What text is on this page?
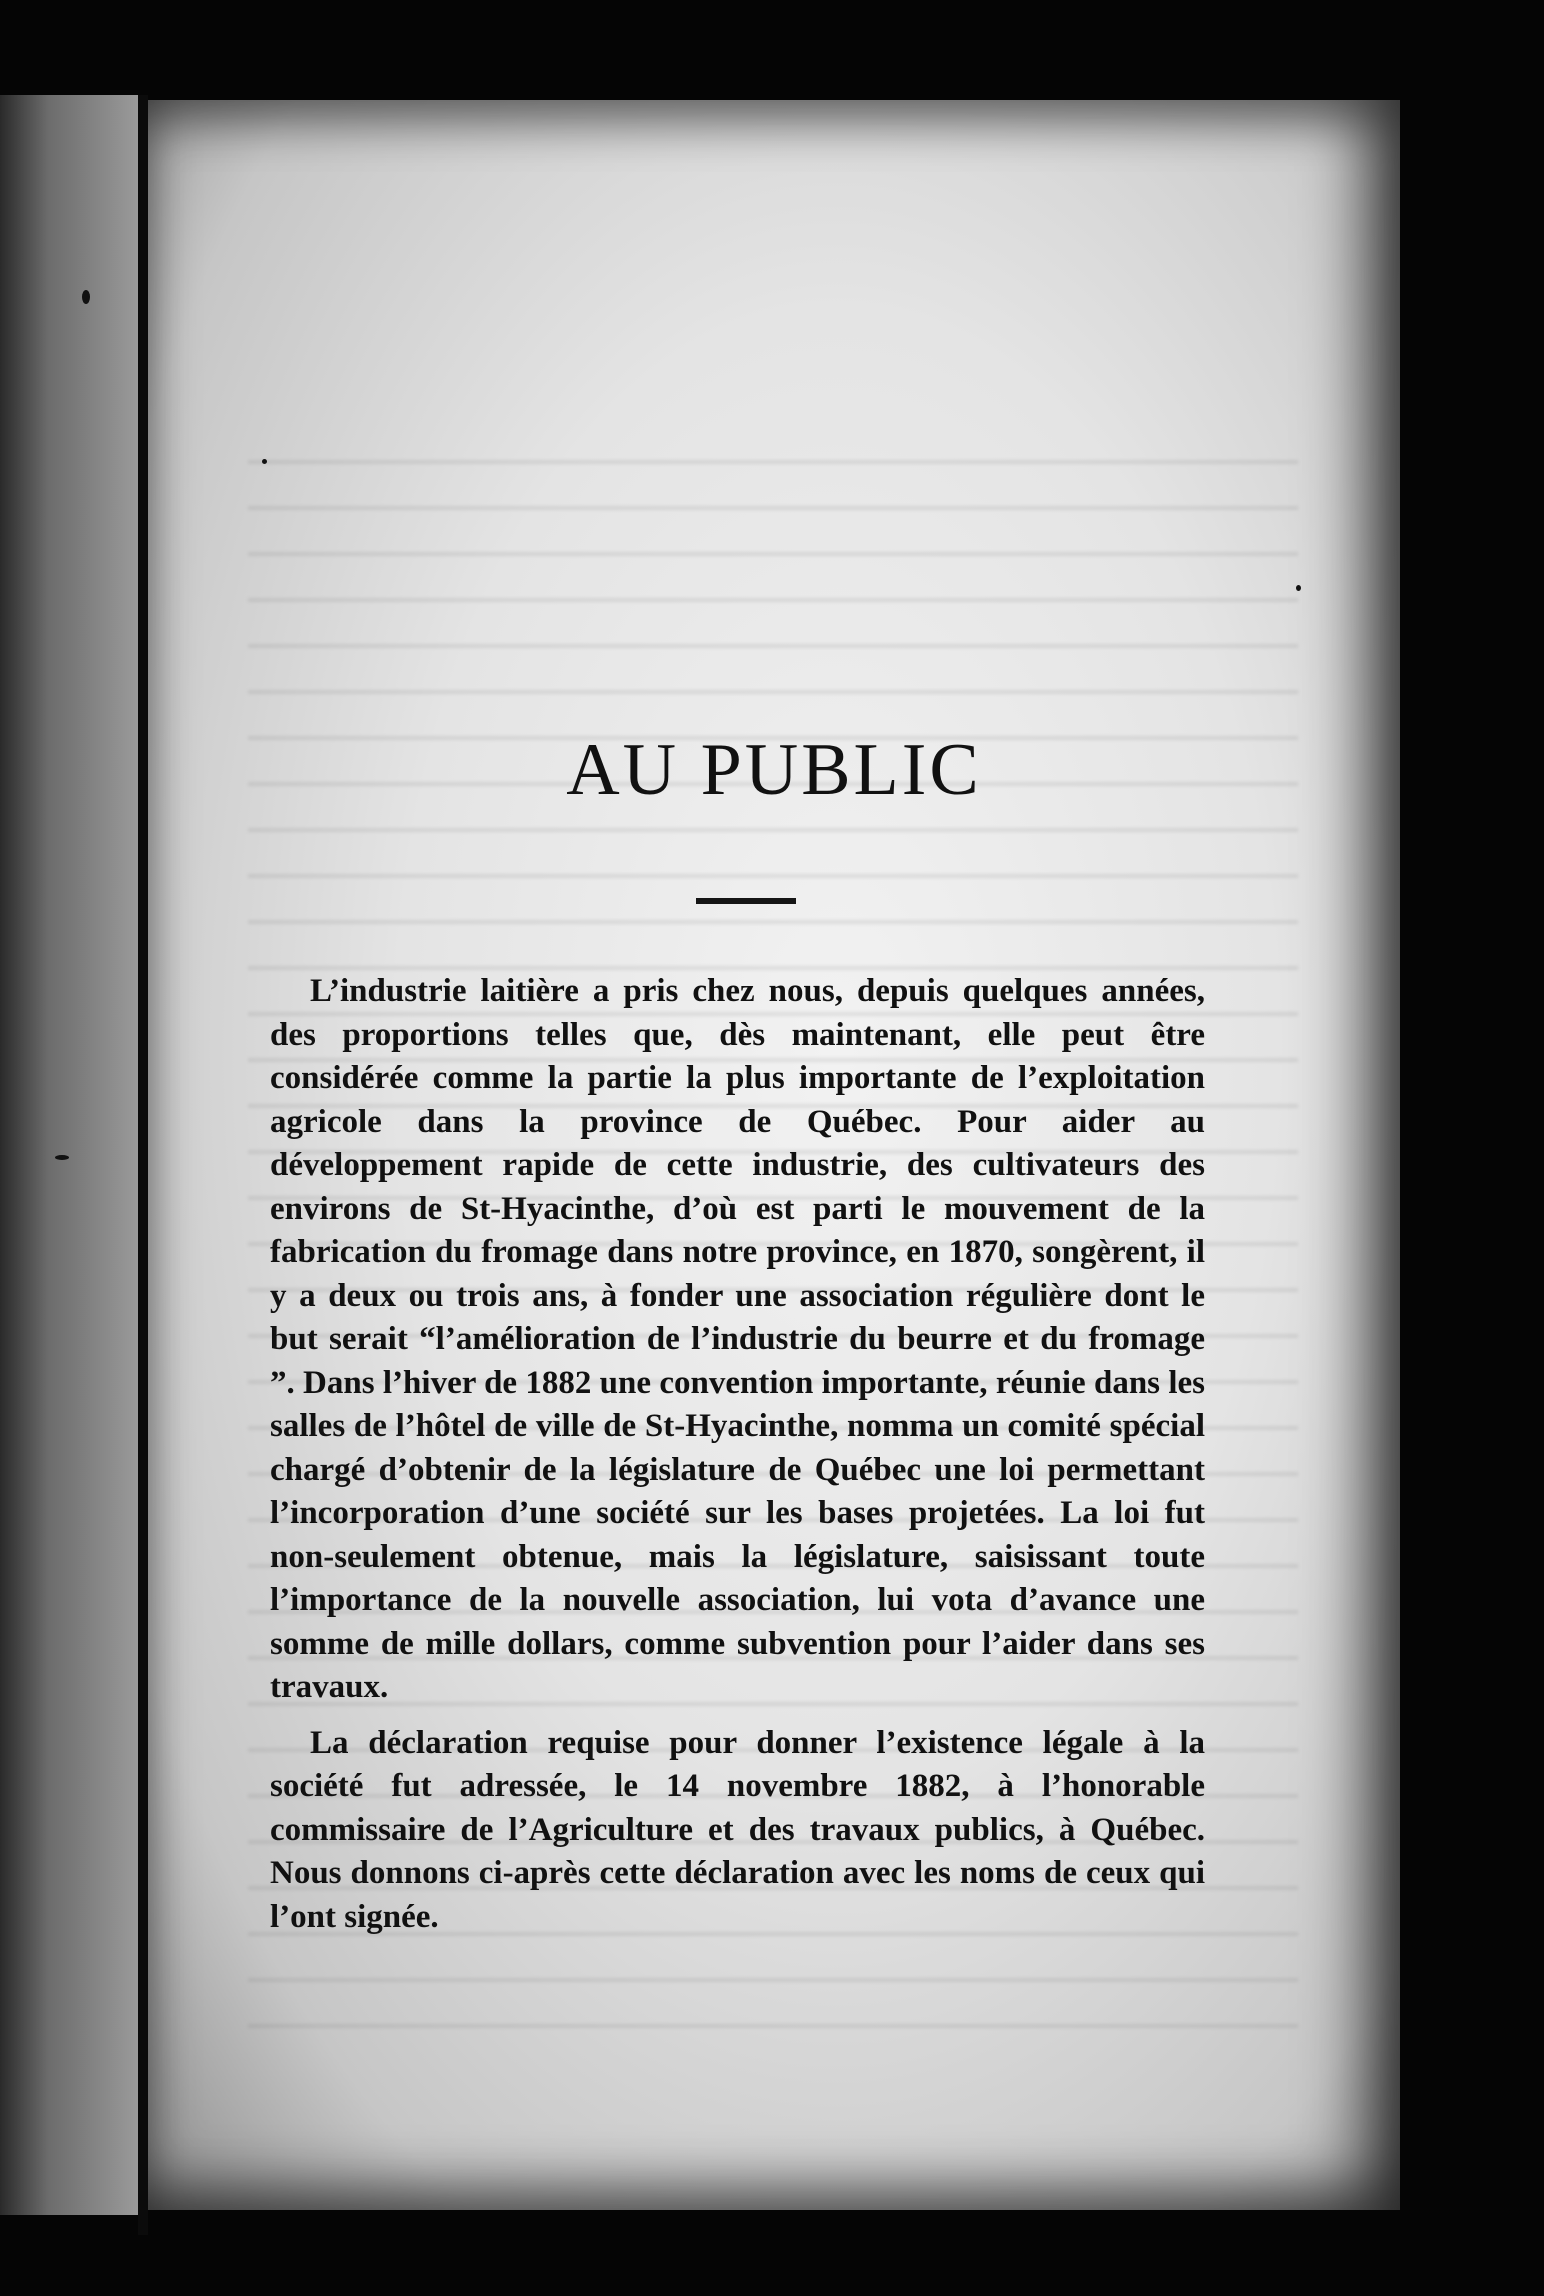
AU PUBLIC

L’industrie laitière a pris chez nous, depuis quelques années, des proportions telles que, dès maintenant, elle peut être considérée comme la partie la plus importante de l’exploitation agricole dans la province de Québec. Pour aider au développement rapide de cette industrie, des cultivateurs des environs de St-Hyacinthe, d’où est parti le mouvement de la fabrication du fromage dans notre province, en 1870, songèrent, il y a deux ou trois ans, à fonder une association régulière dont le but serait “l’amélioration de l’industrie du beurre et du fromage ”. Dans l’hiver de 1882 une convention importante, réunie dans les salles de l’hôtel de ville de St-Hyacinthe, nomma un comité spécial chargé d’obtenir de la législature de Québec une loi permettant l’incorporation d’une société sur les bases projetées. La loi fut non-seulement obtenue, mais la législature, saisissant toute l’importance de la nouvelle association, lui vota d’avance une somme de mille dollars, comme subvention pour l’aider dans ses travaux.

La déclaration requise pour donner l’existence légale à la société fut adressée, le 14 novembre 1882, à l’honorable commissaire de l’Agriculture et des travaux publics, à Québec. Nous donnons ci-après cette déclaration avec les noms de ceux qui l’ont signée.
